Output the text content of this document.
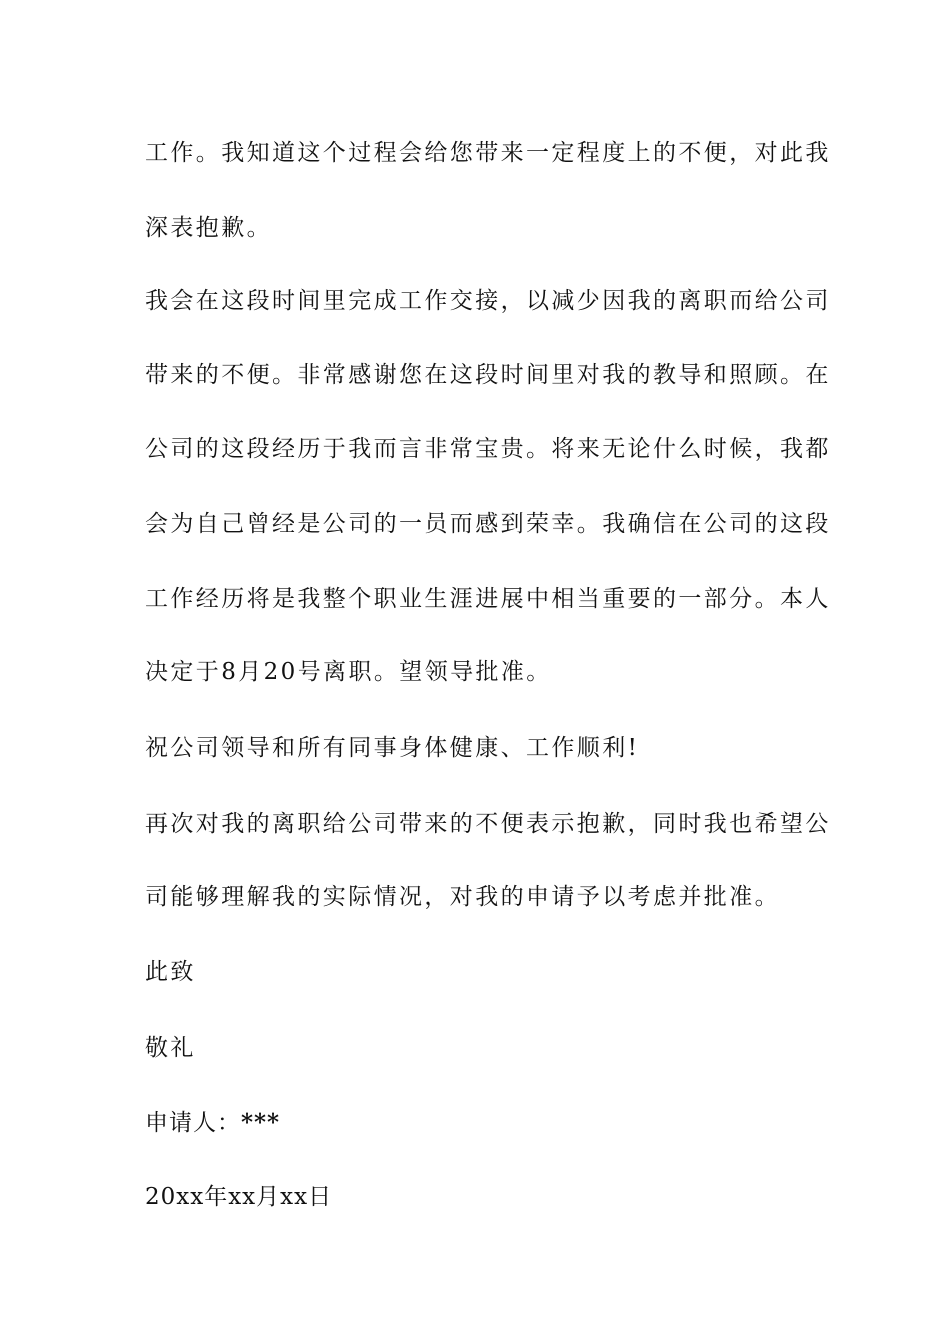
工作。我知道这个过程会给您带来一定程度上的不便，对此我
深表抱歉。
我会在这段时间里完成工作交接，以减少因我的离职而给公司
带来的不便。非常感谢您在这段时间里对我的教导和照顾。在
公司的这段经历于我而言非常宝贵。将来无论什么时候，我都
会为自己曾经是公司的一员而感到荣幸。我确信在公司的这段
工作经历将是我整个职业生涯进展中相当重要的一部分。本人
决定于8月20号离职。望领导批准。
祝公司领导和所有同事身体健康、工作顺利!
再次对我的离职给公司带来的不便表示抱歉，同时我也希望公
司能够理解我的实际情况，对我的申请予以考虑并批准。
此致
敬礼
申请人：***
20xx年xx月xx日
